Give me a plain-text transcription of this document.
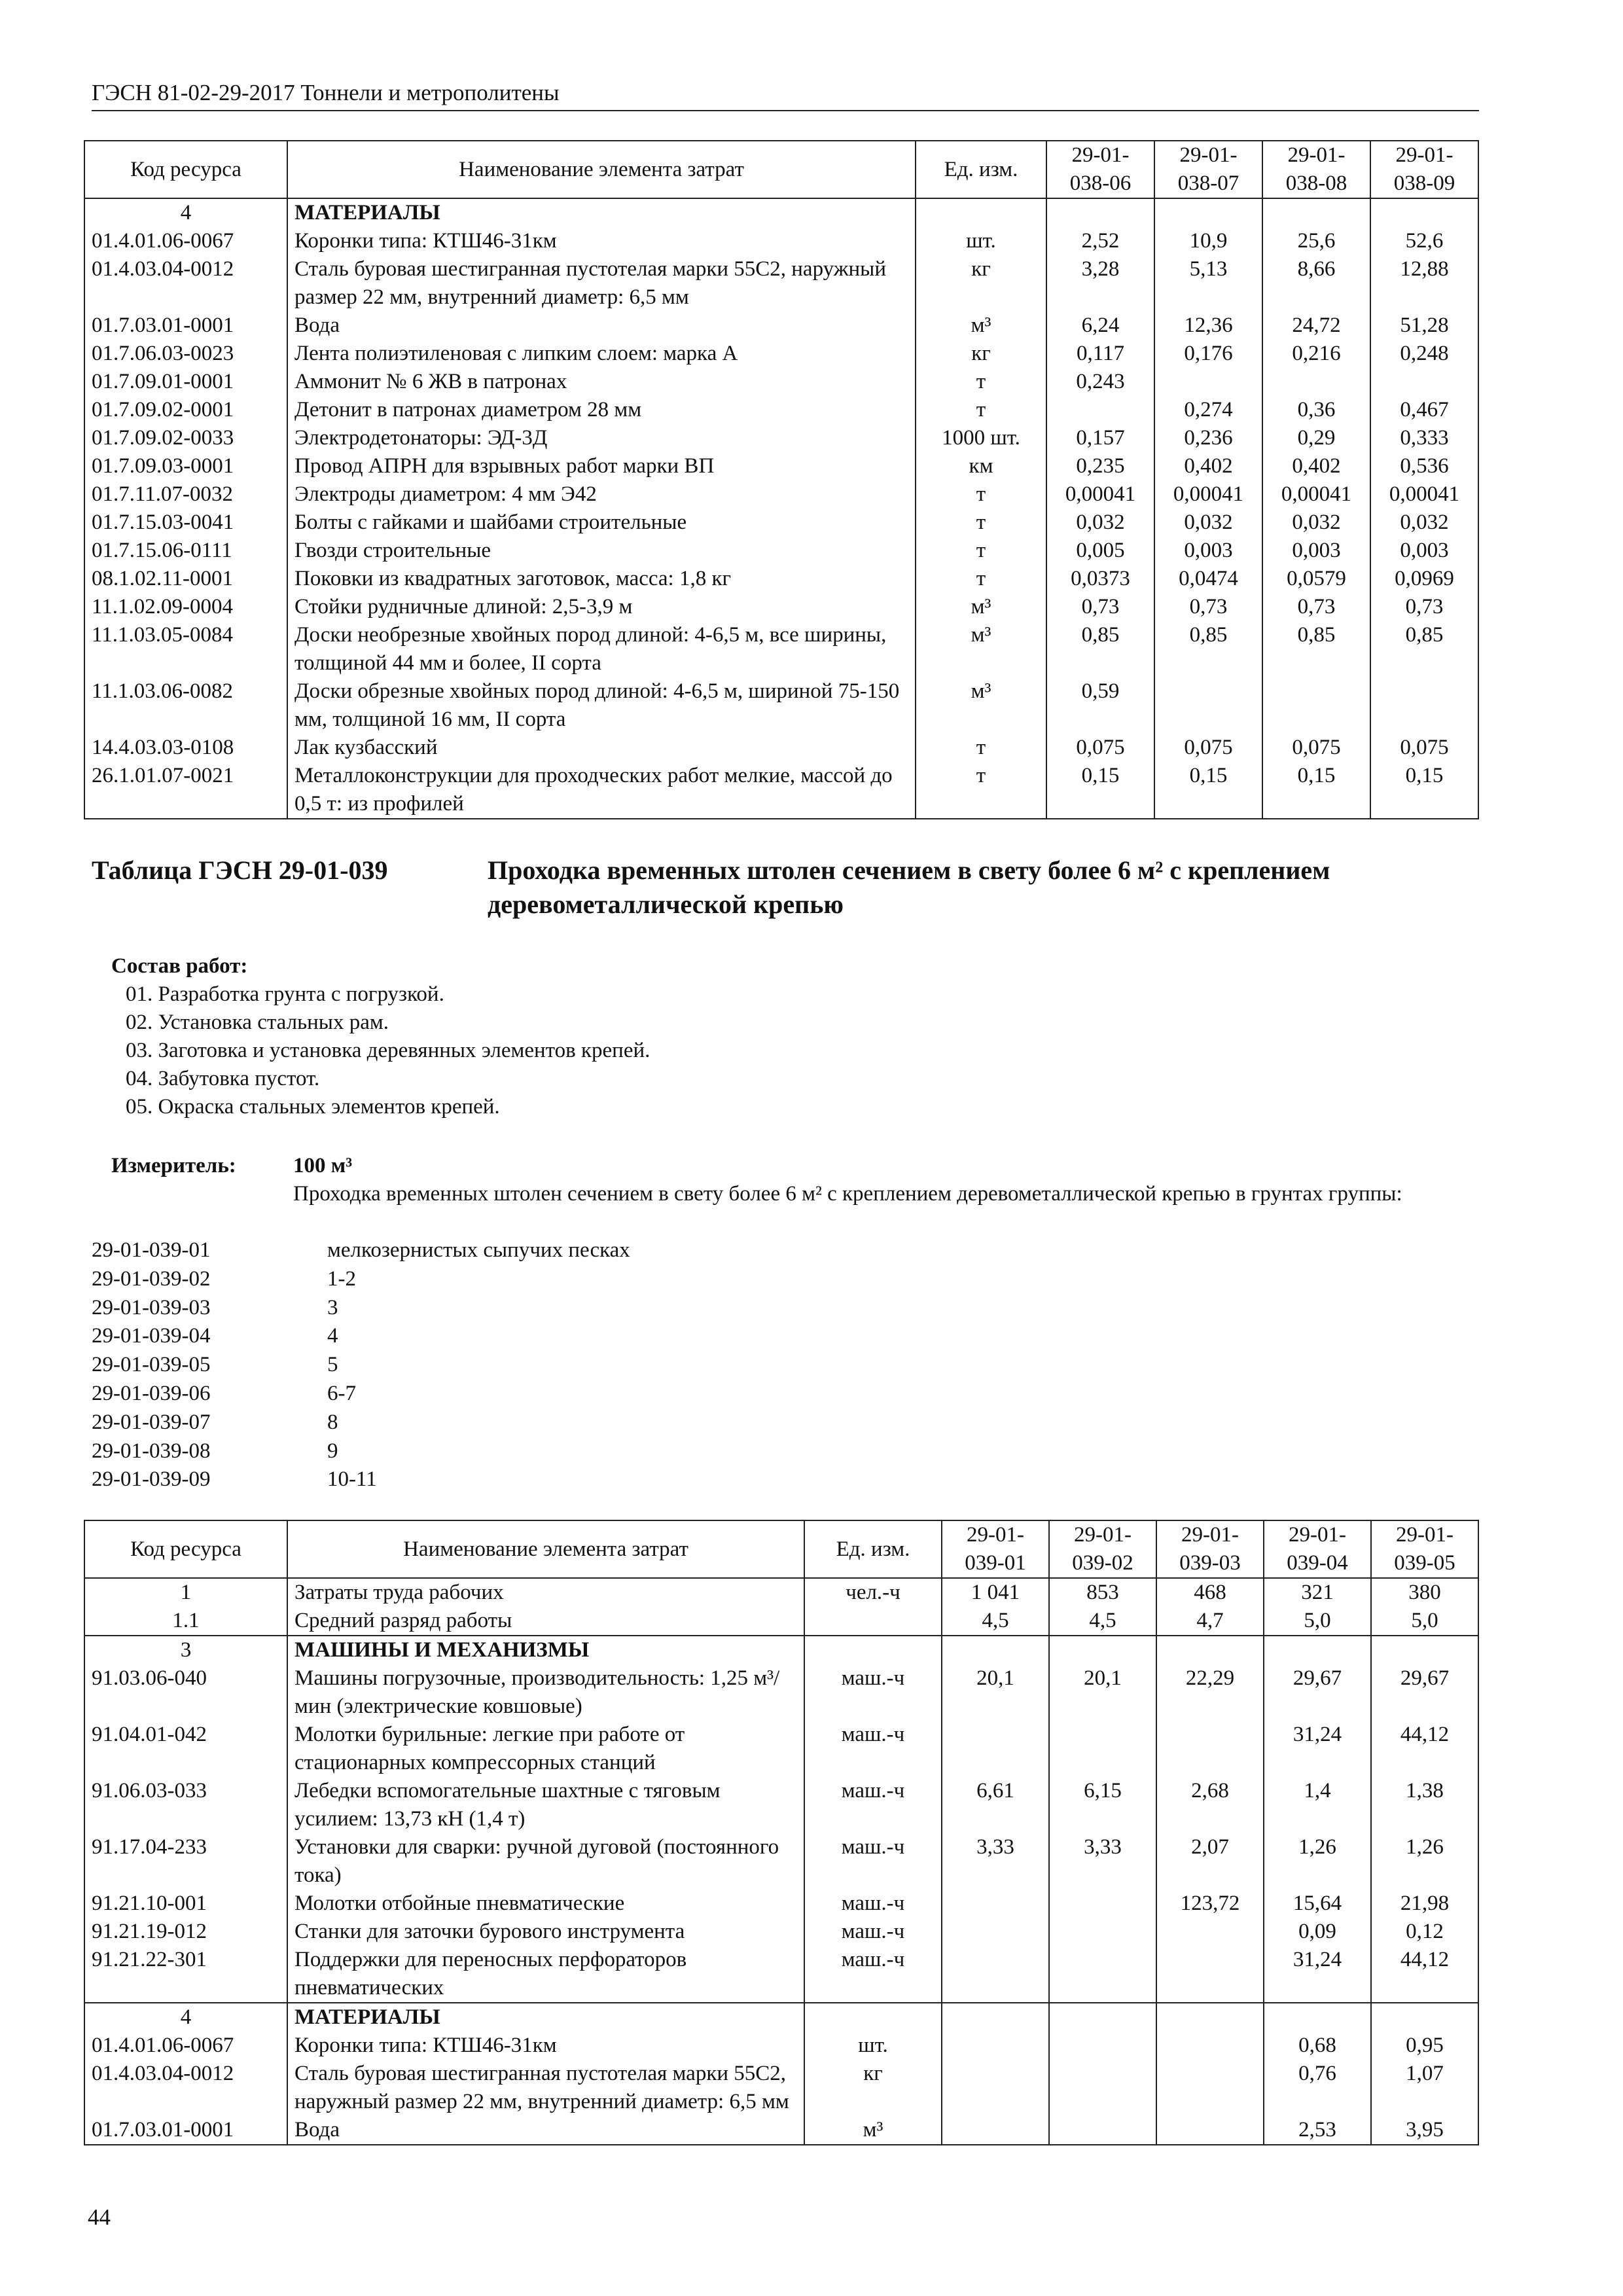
ГЭСН 81-02-29-2017 Тоннели и метрополитены
Код ресурса	Наименование элемента затрат	Ед. изм.	29-01-038-06	29-01-038-07	29-01-038-08	29-01-038-09
4	МАТЕРИАЛЫ					
01.4.01.06-0067	Коронки типа: КТШ46-31км	шт.	2,52	10,9	25,6	52,6
01.4.03.04-0012	Сталь буровая шестигранная пустотелая марки 55С2, наружный размер 22 мм, внутренний диаметр: 6,5 мм	кг	3,28	5,13	8,66	12,88
01.7.03.01-0001	Вода	м³	6,24	12,36	24,72	51,28
01.7.06.03-0023	Лента полиэтиленовая с липким слоем: марка А	кг	0,117	0,176	0,216	0,248
01.7.09.01-0001	Аммонит № 6 ЖВ в патронах	т	0,243			
01.7.09.02-0001	Детонит в патронах диаметром 28 мм	т		0,274	0,36	0,467
01.7.09.02-0033	Электродетонаторы: ЭД-3Д	1000 шт.	0,157	0,236	0,29	0,333
01.7.09.03-0001	Провод АПРН для взрывных работ марки ВП	км	0,235	0,402	0,402	0,536
01.7.11.07-0032	Электроды диаметром: 4 мм Э42	т	0,00041	0,00041	0,00041	0,00041
01.7.15.03-0041	Болты с гайками и шайбами строительные	т	0,032	0,032	0,032	0,032
01.7.15.06-0111	Гвозди строительные	т	0,005	0,003	0,003	0,003
08.1.02.11-0001	Поковки из квадратных заготовок, масса: 1,8 кг	т	0,0373	0,0474	0,0579	0,0969
11.1.02.09-0004	Стойки рудничные длиной: 2,5-3,9 м	м³	0,73	0,73	0,73	0,73
11.1.03.05-0084	Доски необрезные хвойных пород длиной: 4-6,5 м, все ширины, толщиной 44 мм и более, II сорта	м³	0,85	0,85	0,85	0,85
11.1.03.06-0082	Доски обрезные хвойных пород длиной: 4-6,5 м, шириной 75-150 мм, толщиной 16 мм, II сорта	м³	0,59			
14.4.03.03-0108	Лак кузбасский	т	0,075	0,075	0,075	0,075
26.1.01.07-0021	Металлоконструкции для проходческих работ мелкие, массой до 0,5 т: из профилей	т	0,15	0,15	0,15	0,15
Таблица ГЭСН 29-01-039	Проходка временных штолен сечением в свету более 6 м² с креплением деревометаллической крепью
Состав работ:
01. Разработка грунта с погрузкой.
02. Установка стальных рам.
03. Заготовка и установка деревянных элементов крепей.
04. Забутовка пустот.
05. Окраска стальных элементов крепей.
Измеритель:	100 м³
Проходка временных штолен сечением в свету более 6 м² с креплением деревометаллической крепью в грунтах группы:
29-01-039-01	мелкозернистых сыпучих песках
29-01-039-02	1-2
29-01-039-03	3
29-01-039-04	4
29-01-039-05	5
29-01-039-06	6-7
29-01-039-07	8
29-01-039-08	9
29-01-039-09	10-11
Код ресурса	Наименование элемента затрат	Ед. изм.	29-01-039-01	29-01-039-02	29-01-039-03	29-01-039-04	29-01-039-05
1	Затраты труда рабочих	чел.-ч	1 041	853	468	321	380
1.1	Средний разряд работы		4,5	4,5	4,7	5,0	5,0
3	МАШИНЫ И МЕХАНИЗМЫ						
91.03.06-040	Машины погрузочные, производительность: 1,25 м³/мин (электрические ковшовые)	маш.-ч	20,1	20,1	22,29	29,67	29,67
91.04.01-042	Молотки бурильные: легкие при работе от стационарных компрессорных станций	маш.-ч				31,24	44,12
91.06.03-033	Лебедки вспомогательные шахтные с тяговым усилием: 13,73 кН (1,4 т)	маш.-ч	6,61	6,15	2,68	1,4	1,38
91.17.04-233	Установки для сварки: ручной дуговой (постоянного тока)	маш.-ч	3,33	3,33	2,07	1,26	1,26
91.21.10-001	Молотки отбойные пневматические	маш.-ч			123,72	15,64	21,98
91.21.19-012	Станки для заточки бурового инструмента	маш.-ч				0,09	0,12
91.21.22-301	Поддержки для переносных перфораторов пневматических	маш.-ч				31,24	44,12
4	МАТЕРИАЛЫ						
01.4.01.06-0067	Коронки типа: КТШ46-31км	шт.				0,68	0,95
01.4.03.04-0012	Сталь буровая шестигранная пустотелая марки 55С2, наружный размер 22 мм, внутренний диаметр: 6,5 мм	кг				0,76	1,07
01.7.03.01-0001	Вода	м³				2,53	3,95
44
